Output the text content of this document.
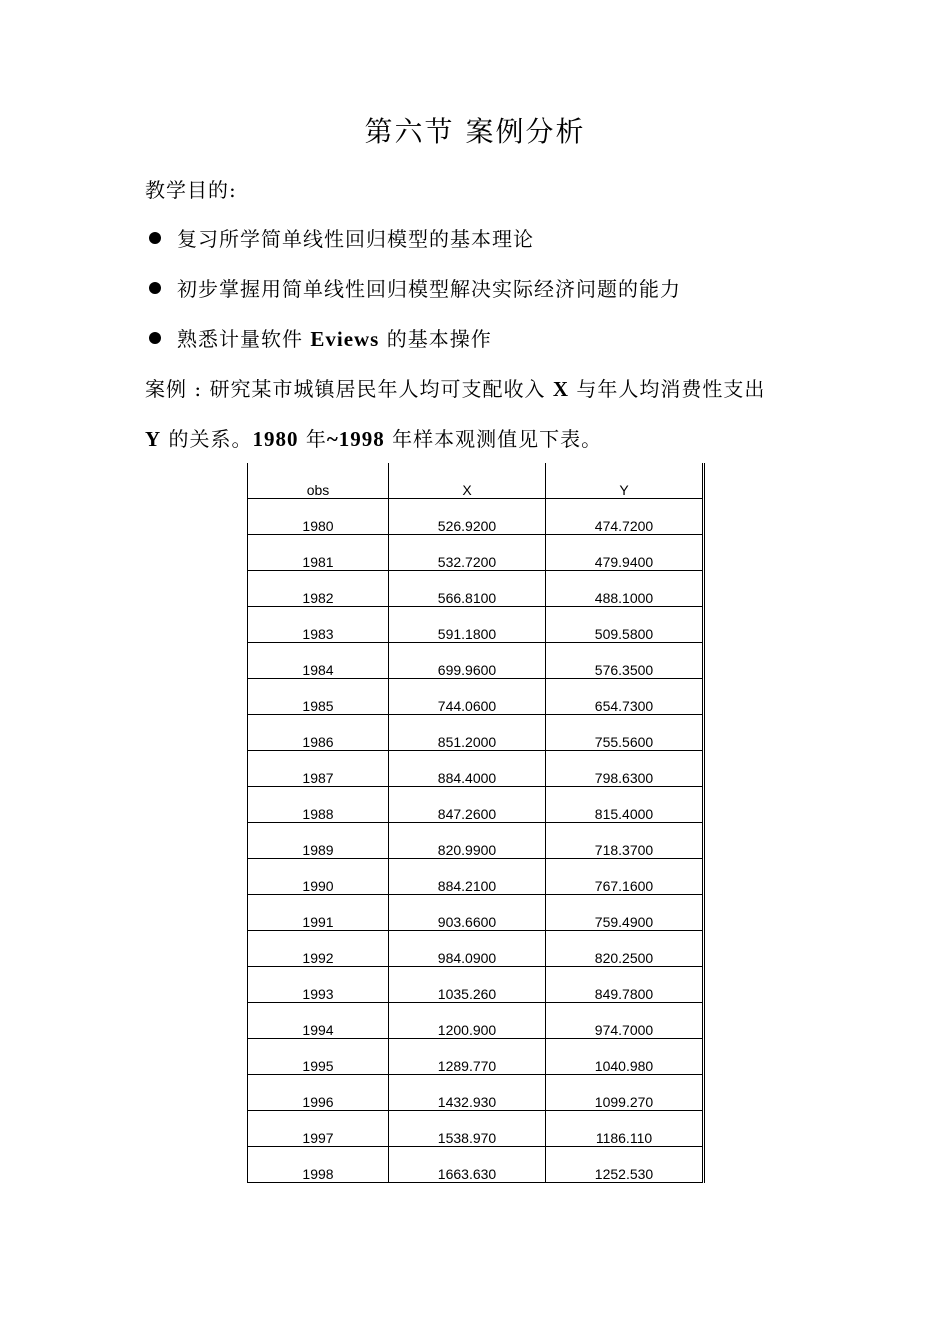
第六节 案例分析
教学目的:
复习所学简单线性回归模型的基本理论
初步掌握用简单线性回归模型解决实际经济问题的能力
熟悉计量软件 Eviews 的基本操作
案例 : 研究某市城镇居民年人均可支配收入 X 与年人均消费性支出
Y 的关系。1980 年~1998 年样本观测值见下表。
obs	X	Y
1980	526.9200	474.7200
1981	532.7200	479.9400
1982	566.8100	488.1000
1983	591.1800	509.5800
1984	699.9600	576.3500
1985	744.0600	654.7300
1986	851.2000	755.5600
1987	884.4000	798.6300
1988	847.2600	815.4000
1989	820.9900	718.3700
1990	884.2100	767.1600
1991	903.6600	759.4900
1992	984.0900	820.2500
1993	1035.260	849.7800
1994	1200.900	974.7000
1995	1289.770	1040.980
1996	1432.930	1099.270
1997	1538.970	1186.110
1998	1663.630	1252.530
